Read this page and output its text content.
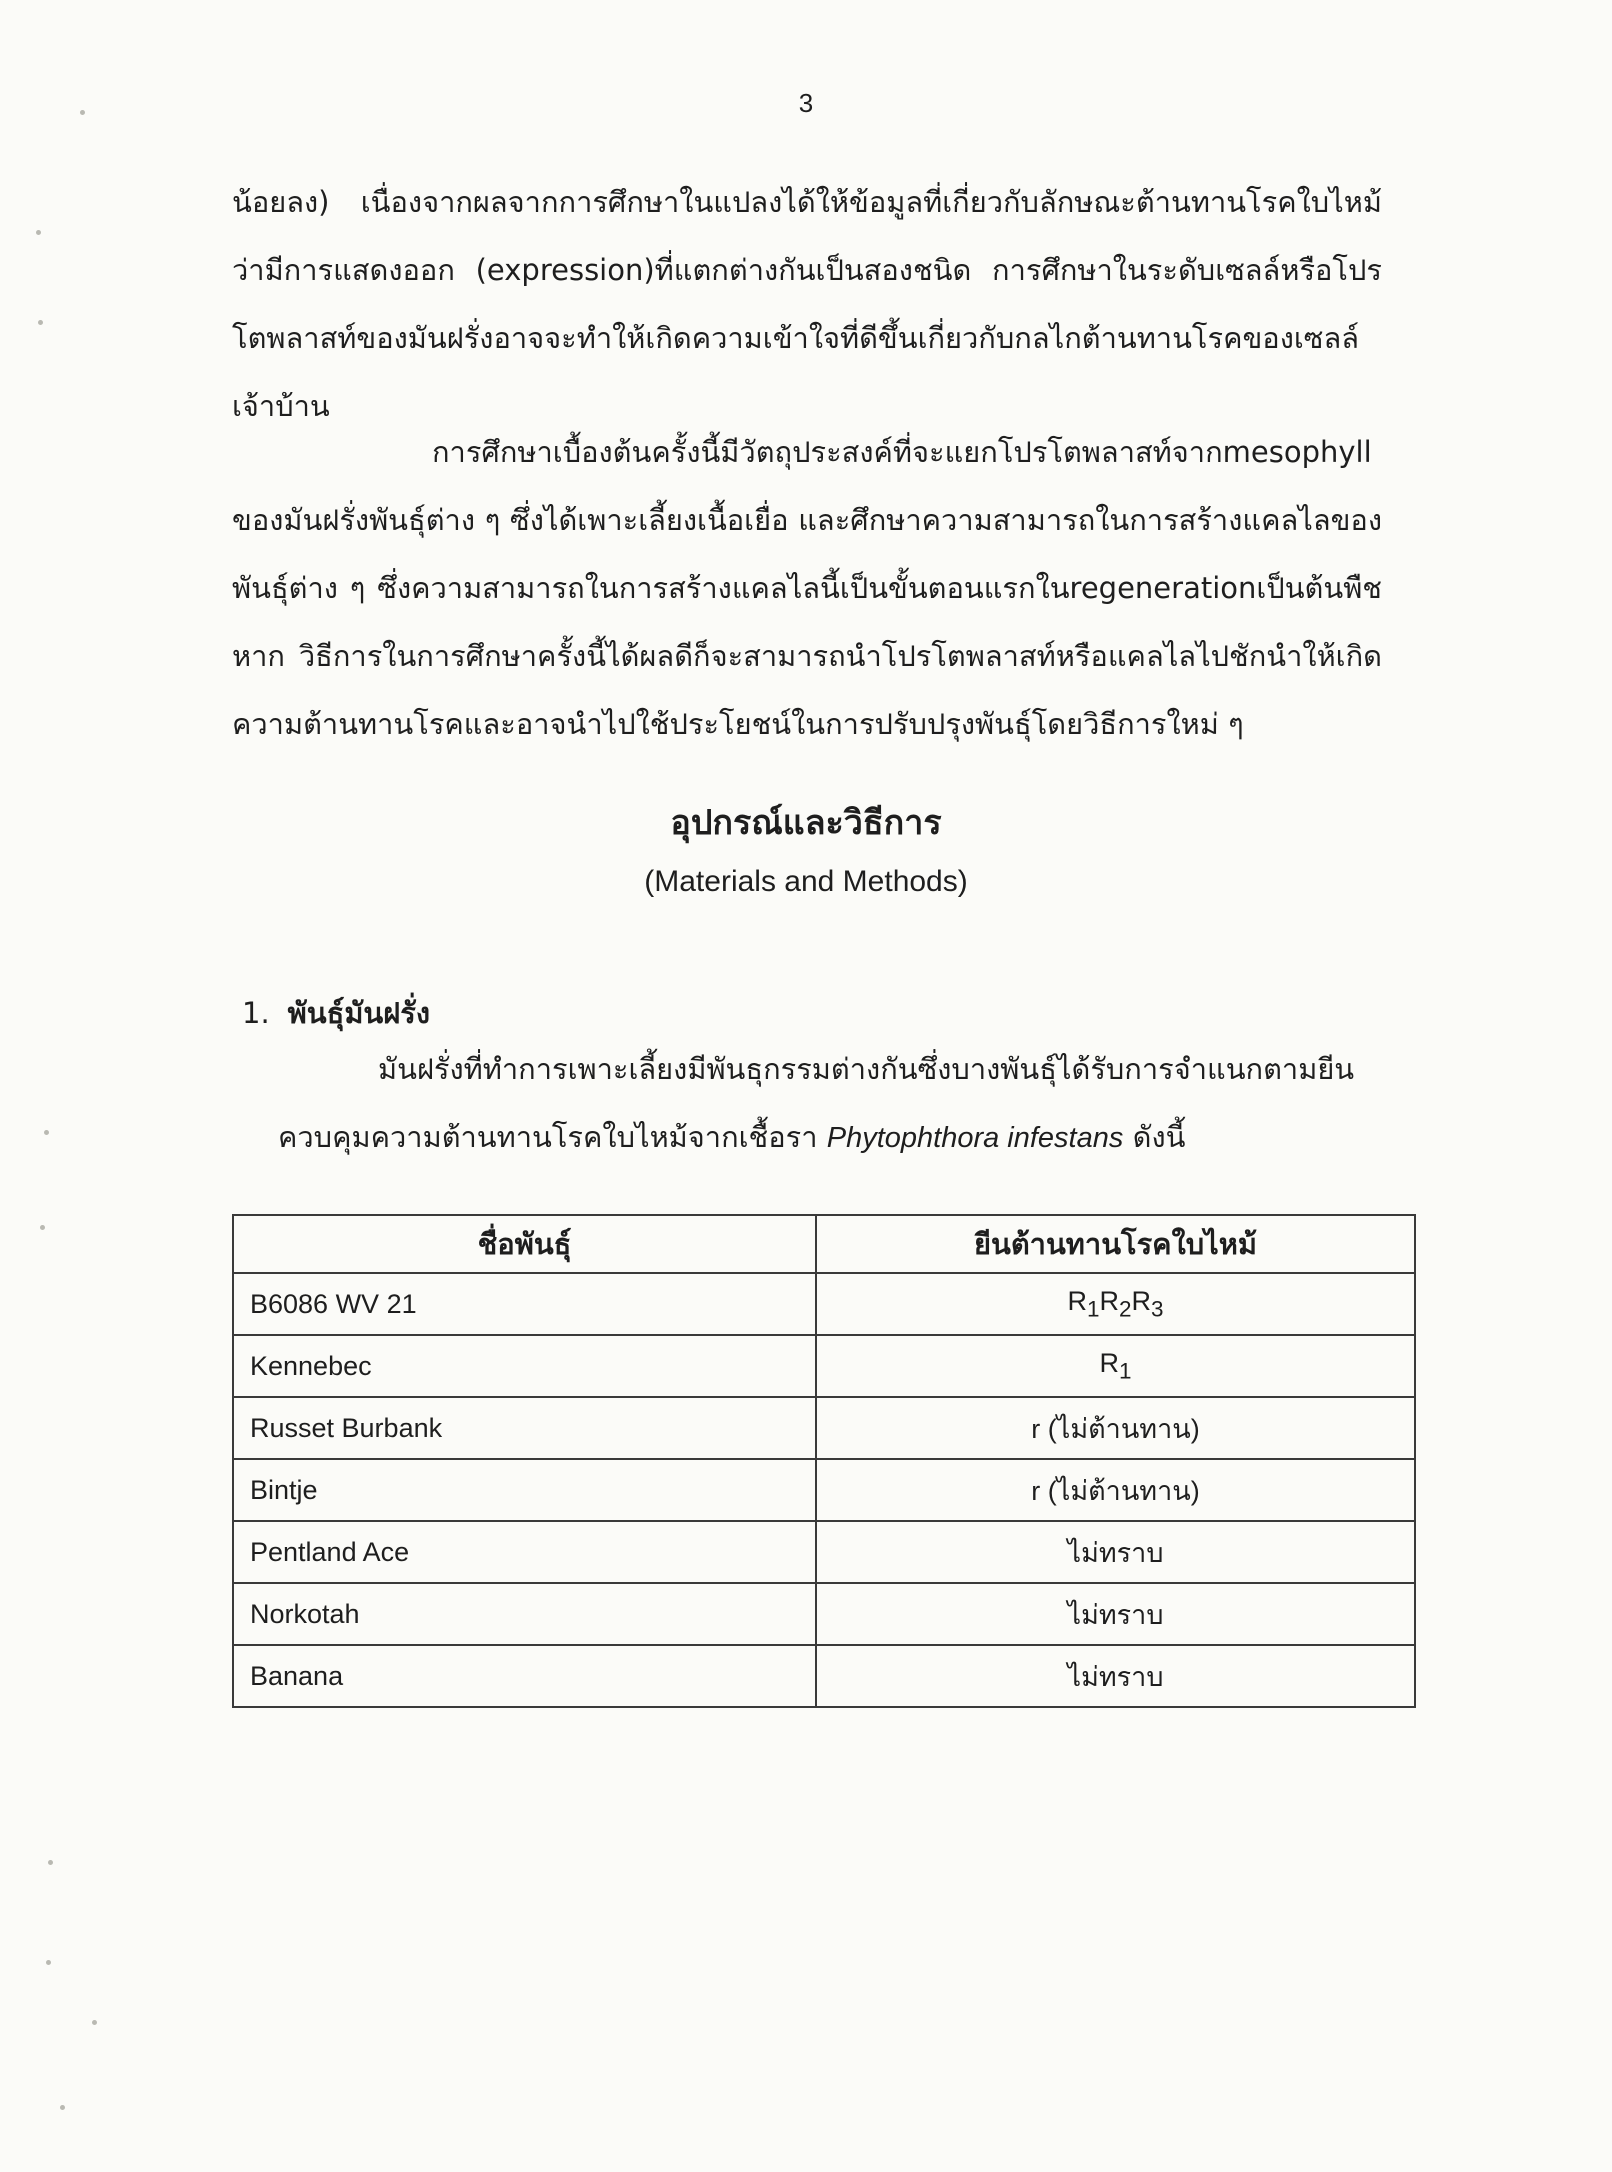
3

น้อยลง) เนื่องจากผลจากการศึกษาในแปลงได้ให้ข้อมูลที่เกี่ยวกับลักษณะต้านทานโรคใบไหม้ว่ามีการแสดงออก (expression)ที่แตกต่างกันเป็นสองชนิด การศึกษาในระดับเซลล์หรือโปรโตพลาสท์ของมันฝรั่งอาจจะทำให้เกิดความเข้าใจที่ดีขึ้นเกี่ยวกับกลไกต้านทานโรคของเซลล์เจ้าบ้าน

การศึกษาเบื้องต้นครั้งนี้มีวัตถุประสงค์ที่จะแยกโปรโตพลาสท์จากmesophyll ของมันฝรั่งพันธุ์ต่าง ๆ ซึ่งได้เพาะเลี้ยงเนื้อเยื่อ และศึกษาความสามารถในการสร้างแคลไลของพันธุ์ต่าง ๆ ซึ่งความสามารถในการสร้างแคลไลนี้เป็นขั้นตอนแรกในregenerationเป็นต้นพืช หาก วิธีการในการศึกษาครั้งนี้ได้ผลดีก็จะสามารถนำโปรโตพลาสท์หรือแคลไลไปชักนำให้เกิดความต้านทานโรคและอาจนำไปใช้ประโยชน์ในการปรับปรุงพันธุ์โดยวิธีการใหม่ ๆ

อุปกรณ์และวิธีการ
(Materials and Methods)
1. พันธุ์มันฝรั่ง

มันฝรั่งที่ทำการเพาะเลี้ยงมีพันธุกรรมต่างกันซึ่งบางพันธุ์ได้รับการจำแนกตามยีนควบคุมความต้านทานโรคใบไหม้จากเชื้อรา Phytophthora infestans ดังนี้

ชื่อพันธุ์	ยีนต้านทานโรคใบไหม้
B6086 WV 21	$R_1R_2R_3$
Kennebec	$R_1$
Russet Burbank	r (ไม่ต้านทาน)
Bintje	r (ไม่ต้านทาน)
Pentland Ace	ไม่ทราบ
Norkotah	ไม่ทราบ
Banana	ไม่ทราบ
